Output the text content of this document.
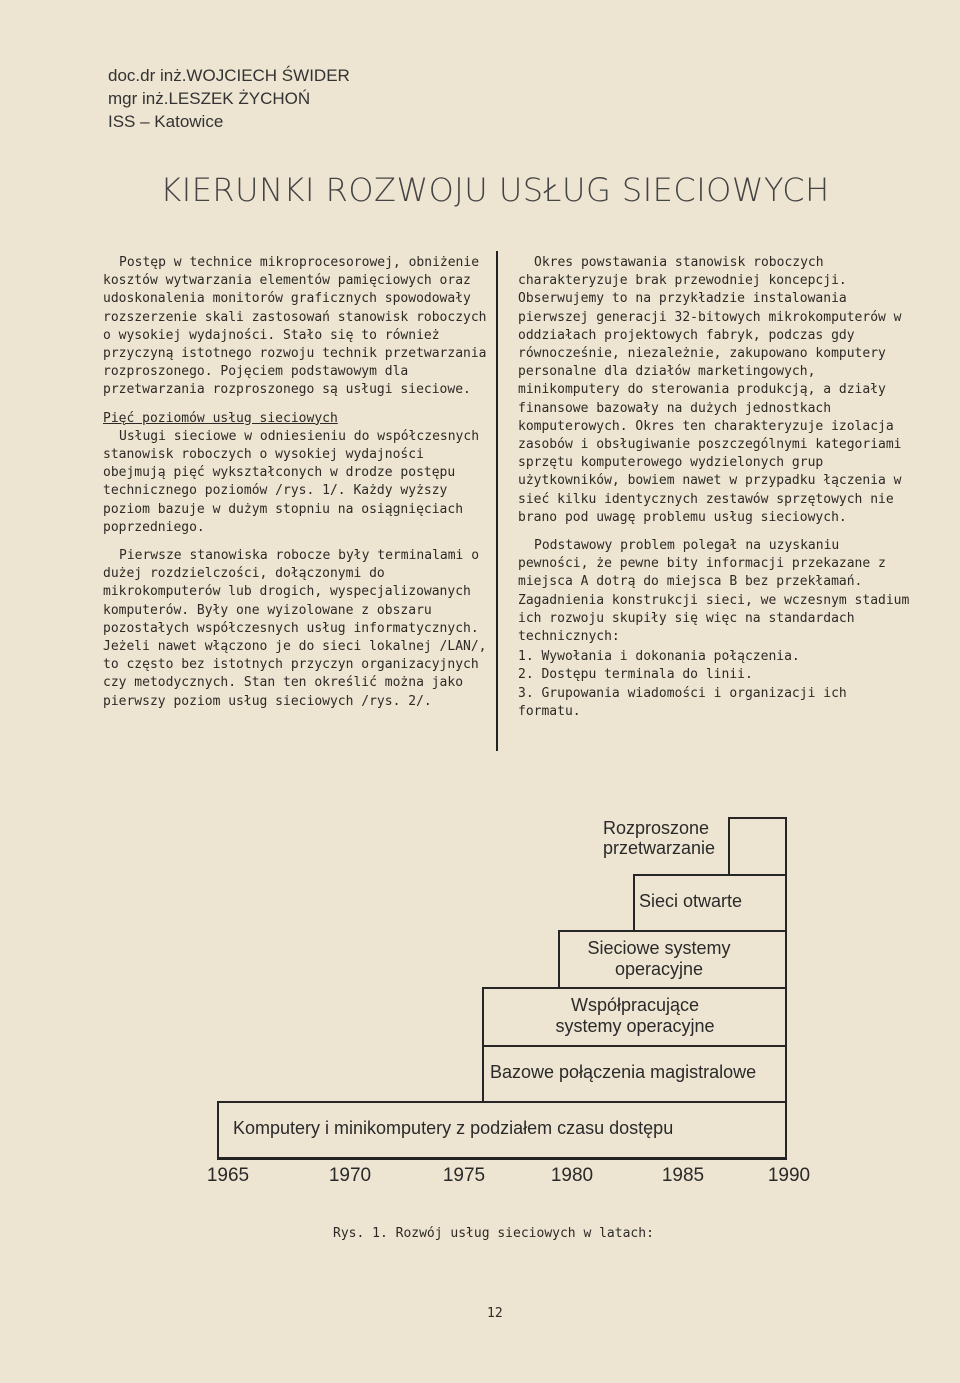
doc.dr inż.WOJCIECH ŚWIDER
mgr inż.LESZEK ŻYCHOŃ
ISS – Katowice
KIERUNKI ROZWOJU USŁUG SIECIOWYCH

Postęp w technice mikroprocesorowej, obniżenie kosztów wytwarzania elementów pamięciowych oraz udoskonalenia monitorów graficznych spowodowały rozszerzenie skali zastosowań stanowisk roboczych o wysokiej wydajności. Stało się to również przyczyną istotnego rozwoju technik przetwarzania rozproszonego. Pojęciem podstawowym dla przetwarzania rozproszonego są usługi sieciowe.

Pięć poziomów usług sieciowych

Usługi sieciowe w odniesieniu do współczesnych stanowisk roboczych o wysokiej wydajności obejmują pięć wykształconych w drodze postępu technicznego poziomów /rys. 1/. Każdy wyższy poziom bazuje w dużym stopniu na osiągnięciach poprzedniego.

Pierwsze stanowiska robocze były terminalami o dużej rozdzielczości, dołączonymi do mikrokomputerów lub drogich, wyspecjalizowanych komputerów. Były one wyizolowane z obszaru pozostałych współczesnych usług informatycznych. Jeżeli nawet włączono je do sieci lokalnej /LAN/, to często bez istotnych przyczyn organizacyjnych czy metodycznych. Stan ten określić można jako pierwszy poziom usług sieciowych /rys. 2/.

Okres powstawania stanowisk roboczych charakteryzuje brak przewodniej koncepcji. Obserwujemy to na przykładzie instalowania pierwszej generacji 32-bitowych mikrokomputerów w oddziałach projektowych fabryk, podczas gdy równocześnie, niezależnie, zakupowano komputery personalne dla działów marketingowych, minikomputery do sterowania produkcją, a działy finansowe bazowały na dużych jednostkach komputerowych. Okres ten charakteryzuje izolacja zasobów i obsługiwanie poszczególnymi kategoriami sprzętu komputerowego wydzielonych grup użytkowników, bowiem nawet w przypadku łączenia w sieć kilku identycznych zestawów sprzętowych nie brano pod uwagę problemu usług sieciowych.

Podstawowy problem polegał na uzyskaniu pewności, że pewne bity informacji przekazane z miejsca A dotrą do miejsca B bez przekłamań. Zagadnienia konstrukcji sieci, we wczesnym stadium ich rozwoju skupiły się więc na standardach technicznych:

1. Wywołania i dokonania połączenia.
2. Dostępu terminala do linii.
3. Grupowania wiadomości i organizacji ich formatu.
Komputery i minikomputery z podziałem czasu dostępu
Bazowe połączenia magistralowe
Współpracujące systemy operacyjne
Sieciowe systemy operacyjne
Sieci otwarte
Rozproszone przetwarzanie
1965	1970	1975	1980	1985	1990
Rys. 1. Rozwój usług sieciowych w latach:
12
